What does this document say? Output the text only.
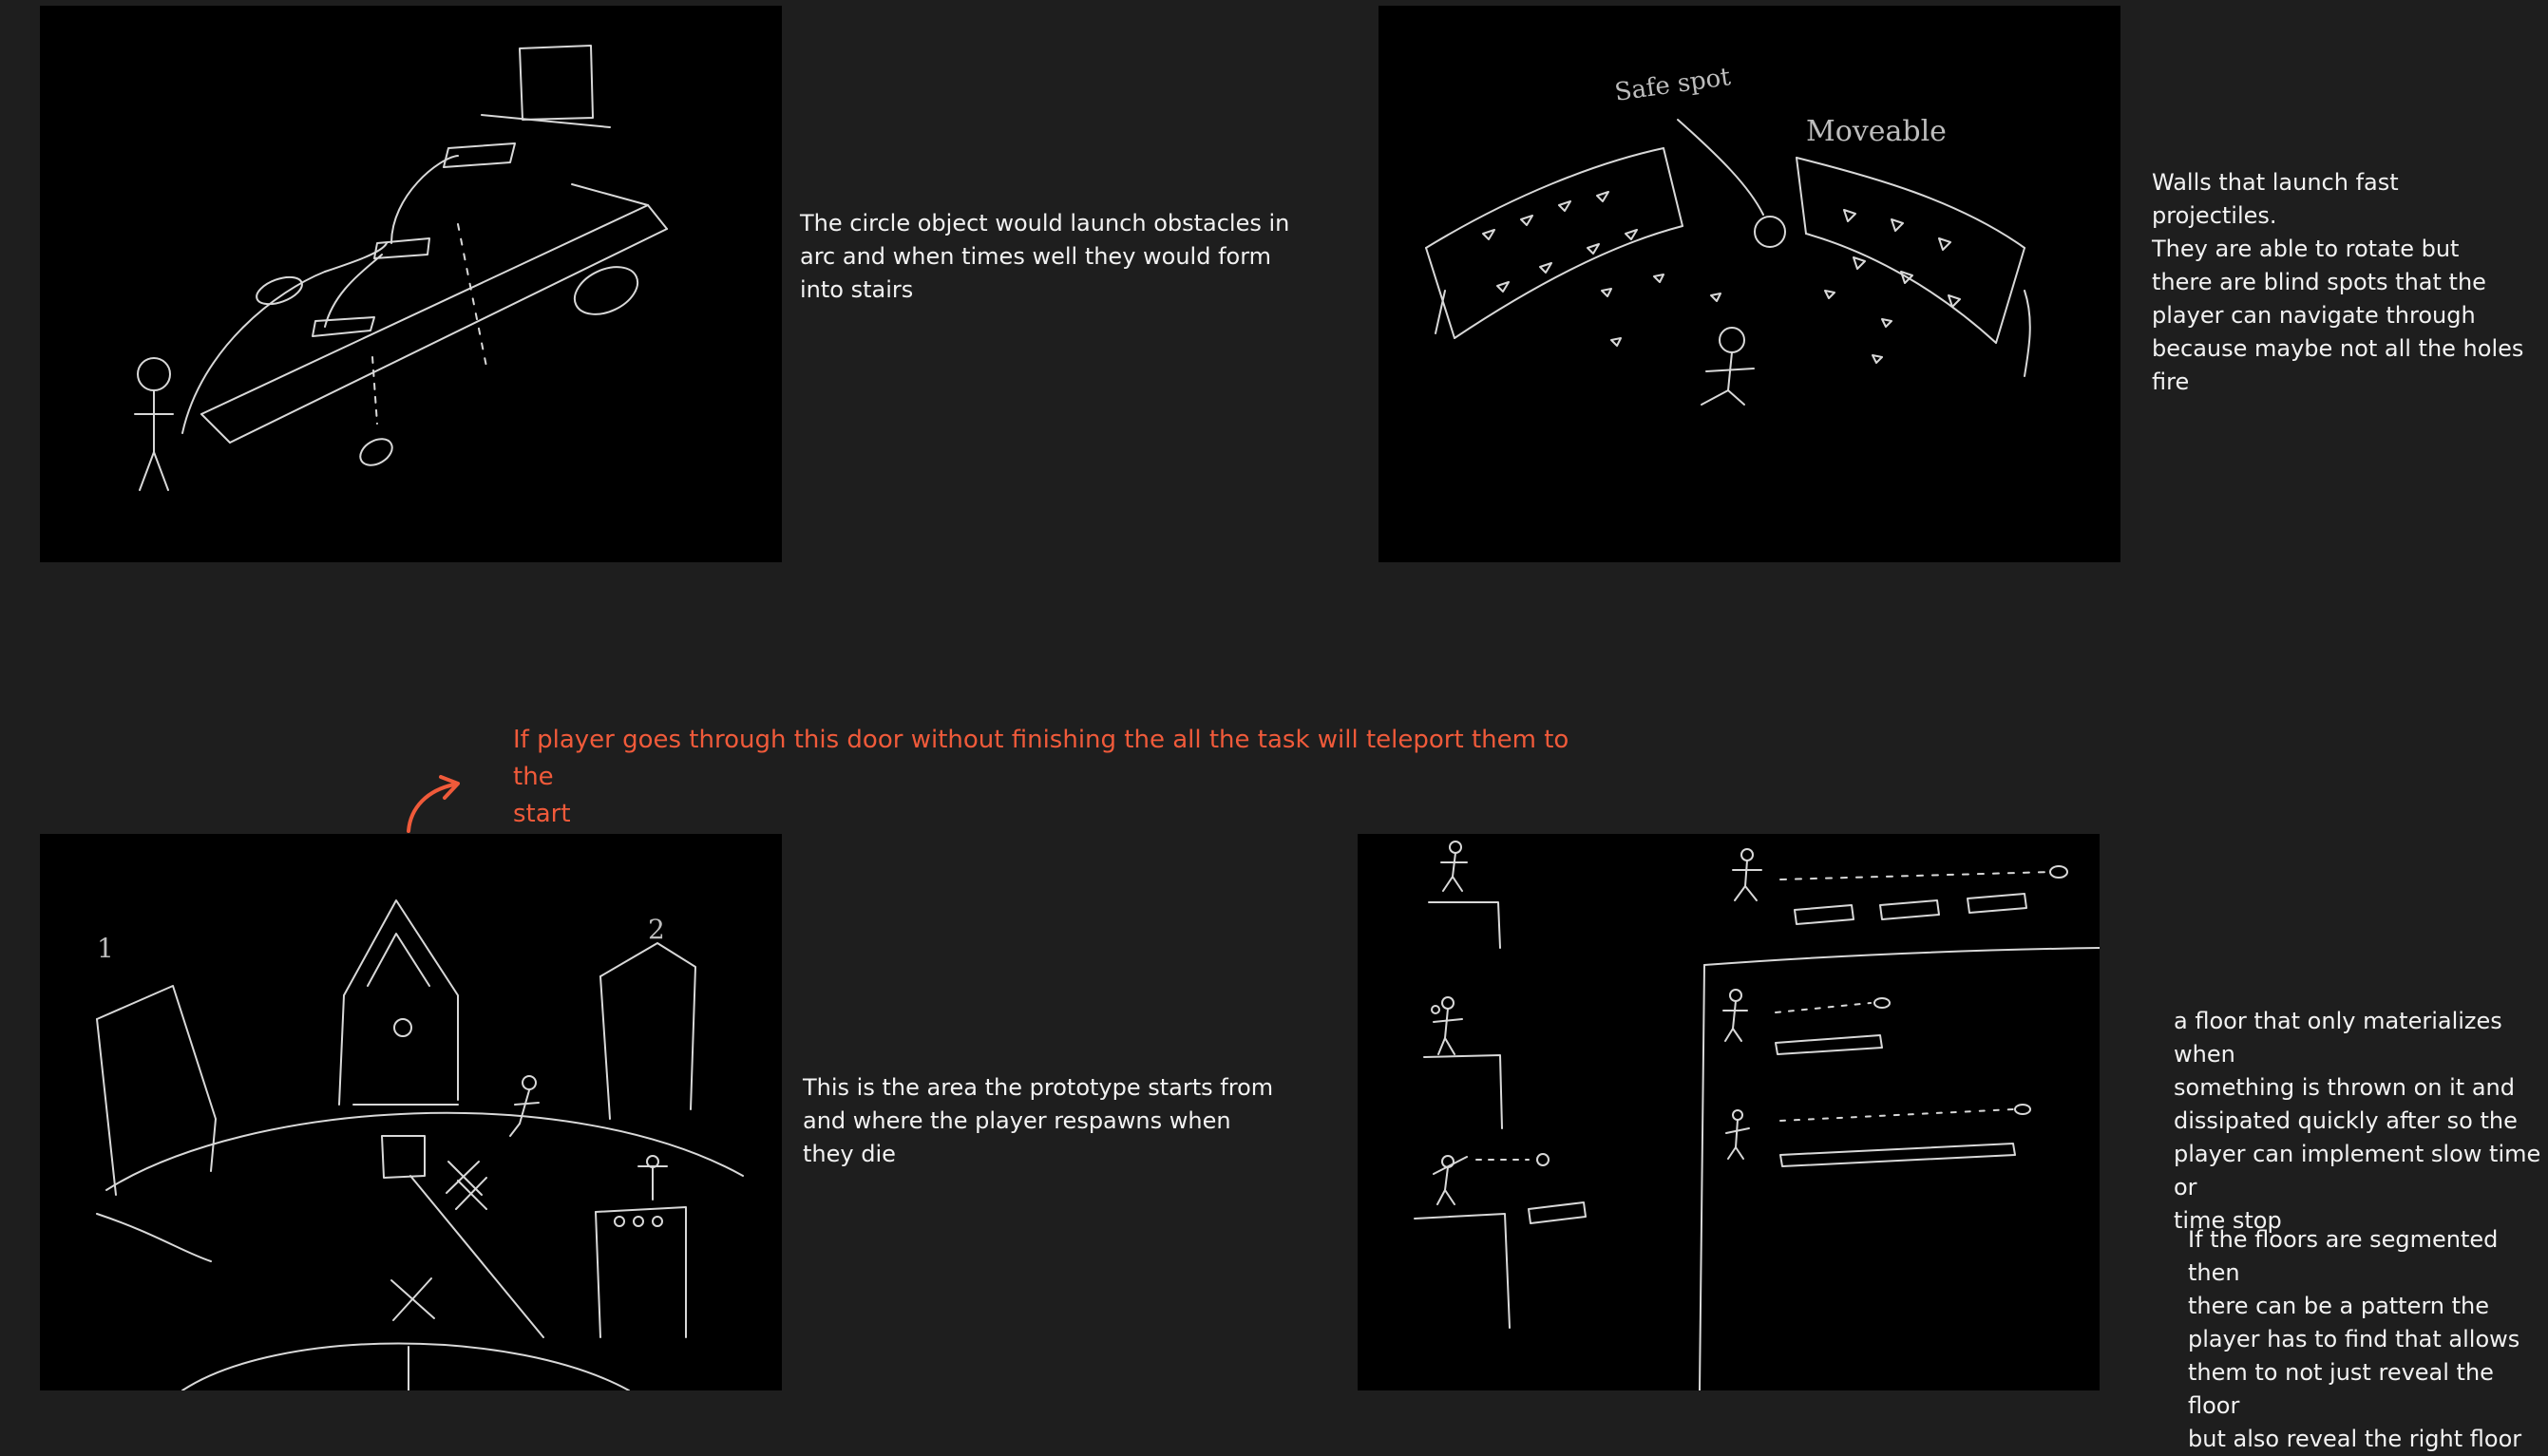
The circle object would launch obstacles in
arc and when times well they would form
into stairs

Safe spot
Moveable

Walls that launch fast
projectiles.
They are able to rotate but
there are blind spots that the
player can navigate through
because maybe not all the holes
fire

If player goes through this door without finishing the all the task will teleport them to the
start

1
2

This is the area the prototype starts from
and where the player respawns when
they die

a floor that only materializes when
something is thrown on it and
dissipated quickly after so the
player can implement slow time or
time stop

If the floors are segmented then
there can be a pattern the
player has to find that allows
them to not just reveal the floor
but also reveal the right floor
